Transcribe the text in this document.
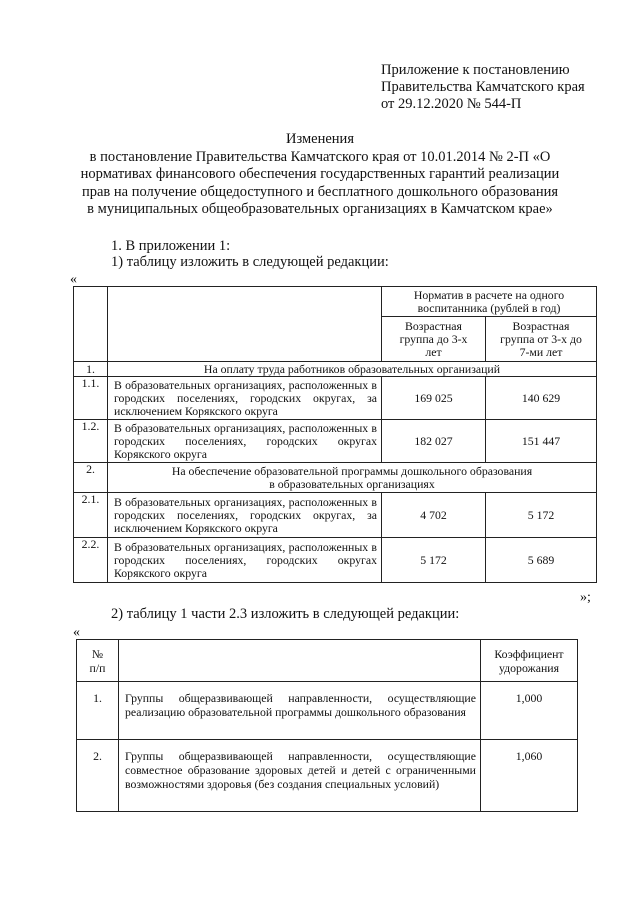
Приложение к постановлению
Правительства Камчатского края
от 29.12.2020 № 544-П
Изменения
в постановление Правительства Камчатского края от 10.01.2014 № 2-П «О
нормативах финансового обеспечения государственных гарантий реализации
прав на получение общедоступного и бесплатного дошкольного образования
в муниципальных общеобразовательных организациях в Камчатском крае»
1. В приложении 1:
1) таблицу изложить в следующей редакции:
«
		Норматив в расчете на одного воспитанника (рублей в год)	
		Возрастная группа до 3-х лет	Возрастная группа от 3-х до 7-ми лет
1.	На оплату труда работников образовательных организаций		
1.1.	В образовательных организациях, расположенных в городских поселениях, городских округах, за исключением Корякского округа	169 025	140 629
1.2.	В образовательных организациях, расположенных в городских поселениях, городских округах Корякского округа	182 027	151 447
2.	На обеспечение образовательной программы дошкольного образования в образовательных организациях		
2.1.	В образовательных организациях, расположенных в городских поселениях, городских округах, за исключением Корякского округа	4 702	5 172
2.2.	В образовательных организациях, расположенных в городских поселениях, городских округах Корякского округа	5 172	5 689
»;
2) таблицу 1 части 2.3 изложить в следующей редакции:
«
№ п/п		Коэффициент удорожания
1.	Группы общеразвивающей направленности, осуществляющие реализацию образовательной программы дошкольного образования	1,000
2.	Группы общеразвивающей направленности, осуществляющие совместное образование здоровых детей и детей с ограниченными возможностями здоровья (без создания специальных условий)	1,060
